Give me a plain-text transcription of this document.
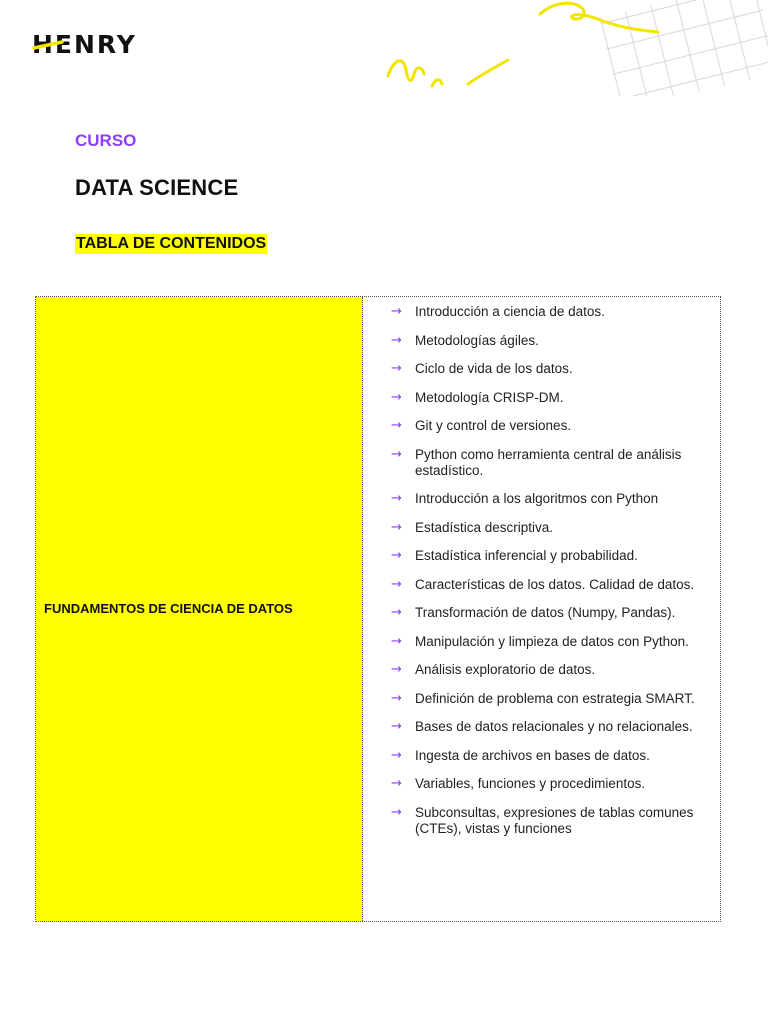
HENRY

CURSO

DATA SCIENCE
TABLA DE CONTENIDOS
FUNDAMENTOS DE CIENCIA DE DATOS
→ Introducción a ciencia de datos.
→ Metodologías ágiles.
→ Ciclo de vida de los datos.
→ Metodología CRISP-DM.
→ Git y control de versiones.
→ Python como herramienta central de análisis estadístico.
→ Introducción a los algoritmos con Python
→ Estadística descriptiva.
→ Estadística inferencial y probabilidad.
→ Características de los datos. Calidad de datos.
→ Transformación de datos (Numpy, Pandas).
→ Manipulación y limpieza de datos con Python.
→ Análisis exploratorio de datos.
→ Definición de problema con estrategia SMART.
→ Bases de datos relacionales y no relacionales.
→ Ingesta de archivos en bases de datos.
→ Variables, funciones y procedimientos.
→ Subconsultas, expresiones de tablas comunes (CTEs), vistas y funciones
